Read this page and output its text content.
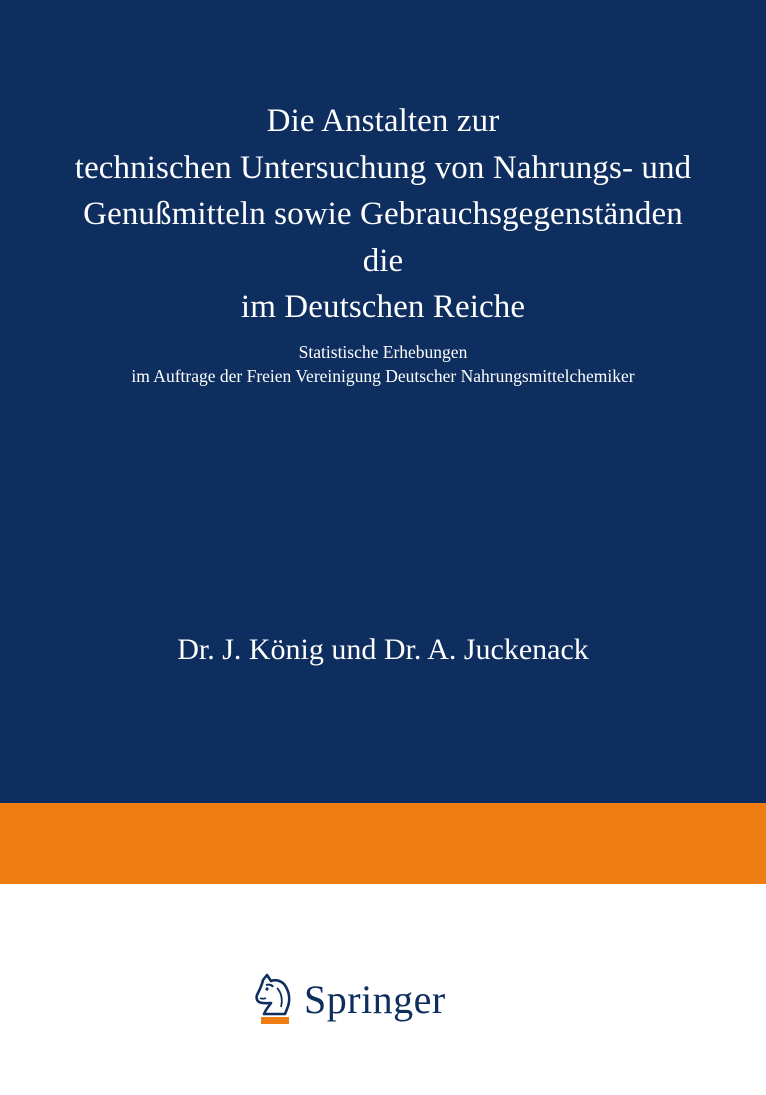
Die Anstalten zur
technischen Untersuchung von Nahrungs- und
Genußmitteln sowie Gebrauchsgegenständen
die
im Deutschen Reiche
Statistische Erhebungen
im Auftrage der Freien Vereinigung Deutscher Nahrungsmittelchemiker
Dr. J. König und Dr. A. Juckenack
Springer
